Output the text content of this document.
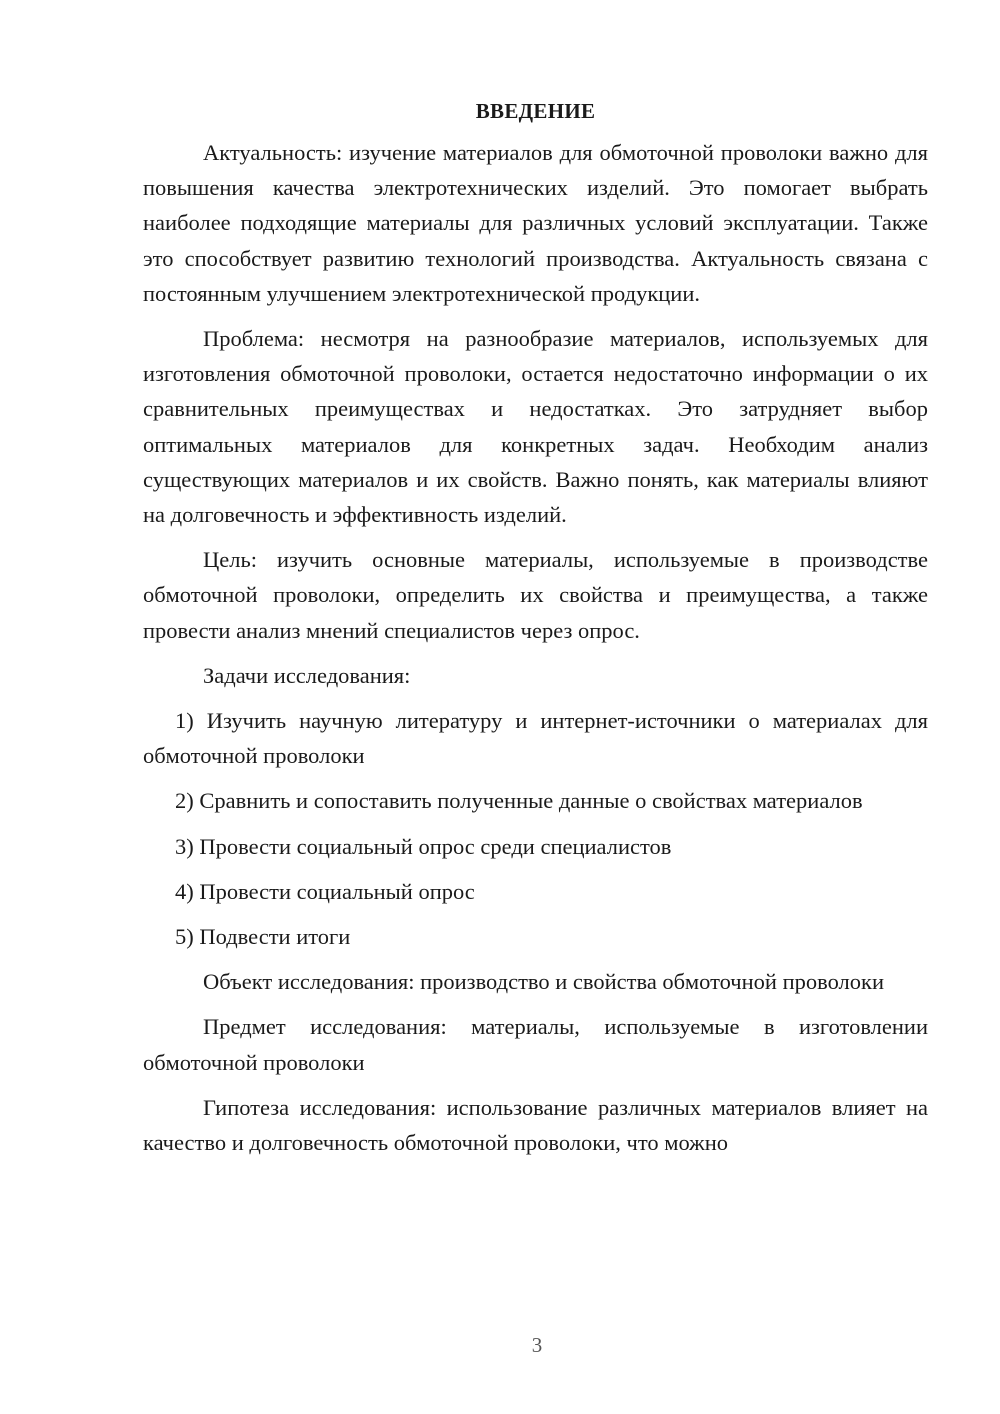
ВВЕДЕНИЕ

Актуальность: изучение материалов для обмоточной проволоки важно для повышения качества электротехнических изделий. Это помогает выбрать наиболее подходящие материалы для различных условий эксплуатации. Также это способствует развитию технологий производства. Актуальность связана с постоянным улучшением электротехнической продукции.

Проблема: несмотря на разнообразие материалов, используемых для изготовления обмоточной проволоки, остается недостаточно информации о их сравнительных преимуществах и недостатках. Это затрудняет выбор оптимальных материалов для конкретных задач. Необходим анализ существующих материалов и их свойств. Важно понять, как материалы влияют на долговечность и эффективность изделий.

Цель: изучить основные материалы, используемые в производстве обмоточной проволоки, определить их свойства и преимущества, а также провести анализ мнений специалистов через опрос.

Задачи исследования:

1) Изучить научную литературу и интернет-источники о материалах для обмоточной проволоки

2) Сравнить и сопоставить полученные данные о свойствах материалов

3) Провести социальный опрос среди специалистов

4) Провести социальный опрос

5) Подвести итоги

Объект исследования: производство и свойства обмоточной проволоки

Предмет исследования: материалы, используемые в изготовлении обмоточной проволоки

Гипотеза исследования: использование различных материалов влияет на качество и долговечность обмоточной проволоки, что можно

3
